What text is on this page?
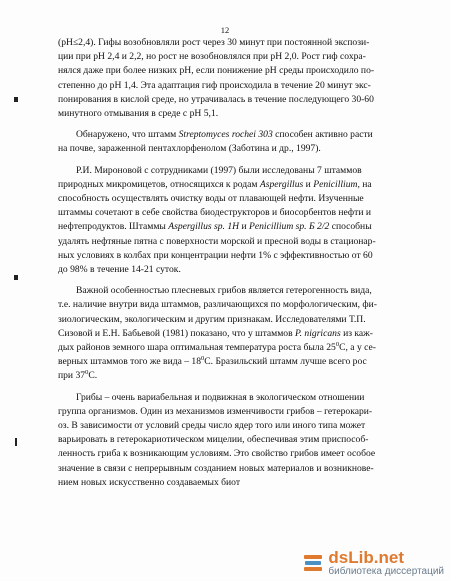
12

(pH≤2,4). Гифы возобновляли рост через 30 минут при постоянной экспози-
ции при pH 2,4 и 2,2, но рост не возобновлялся при pH 2,0. Рост гиф сохра-
нялся даже при более низких pH, если понижение pH среды происходило по-
степенно до pH 1,4. Эта адаптация гиф происходила в течение 20 минут экс-
понирования в кислой среде, но утрачивалась в течение последующего 30-60
минутного отмывания в среде с pH 5,1.

Обнаружено, что штамм Streptomyces rochei 303 способен активно расти
на почве, зараженной пентахлорфенолом (Заботина и др., 1997).

Р.И. Мироновой с сотрудниками (1997) были исследованы 7 штаммов
природных микромицетов, относящихся к родам Aspergillus и Penicillium, на
способность осуществлять очистку воды от плавающей нефти. Изученные
штаммы сочетают в себе свойства биодеструкторов и биосорбентов нефти и
нефтепродуктов. Штаммы Aspergillus sp. 1H и Penicillium sp. Б 2/2 способны
удалять нефтяные пятна с поверхности морской и пресной воды в стационар-
ных условиях в колбах при концентрации нефти 1% с эффективностью от 60
до 98% в течение 14-21 суток.

Важной особенностью плесневых грибов является гетерогенность вида,
т.е. наличие внутри вида штаммов, различающихся по морфологическим, фи-
зиологическим, экологическим и другим признакам. Исследователями Т.П.
Сизовой и Е.Н. Бабьевой (1981) показано, что у штаммов P. nigricans из каж-
дых районов земного шара оптимальная температура роста была $25^0С$, а у се-
верных штаммов того же вида – $18^0С$. Бразильский штамм лучше всего рос
при $37^0С$.

Грибы – очень вариабельная и подвижная в экологическом отношении
группа организмов. Один из механизмов изменчивости грибов – гетерокари-
оз. В зависимости от условий среды число ядер того или иного типа может
варьировать в гетерокариотическом мицелии, обеспечивая этим приспособ-
ленность гриба к возникающим условиям. Это свойство грибов имеет особое
значение в связи с непрерывным созданием новых материалов и возникнове-
нием новых искусственно создаваемых биот

dsLib.net
библиотека диссертаций
